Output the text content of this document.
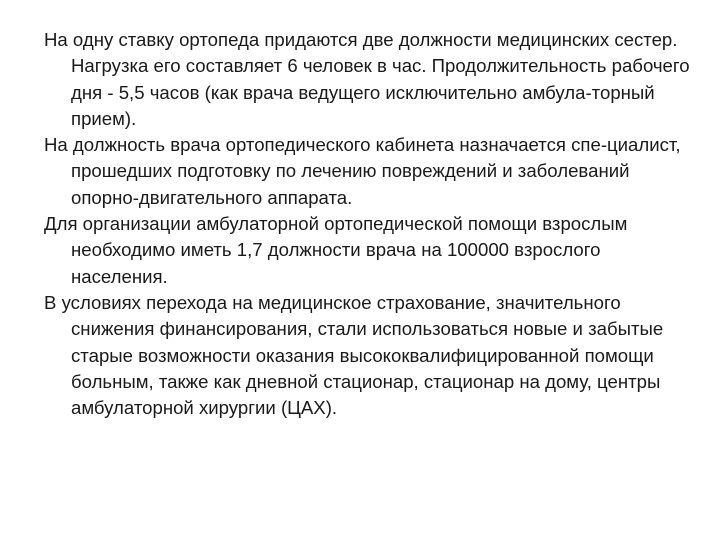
На одну ставку ортопеда придаются две должности медицинских сестер. Нагрузка его составляет 6 человек в час. Продолжительность рабочего дня - 5,5 часов (как врача ведущего исключительно амбула-торный прием).

На должность врача ортопедического кабинета назначается спе-циалист, прошедших подготовку по лечению повреждений и заболеваний опорно-двигательного аппарата.

Для организации амбулаторной ортопедической помощи взрослым необходимо иметь 1,7 должности врача на 100000 взрослого населения.

В условиях перехода на медицинское страхование, значительного снижения финансирования, стали использоваться новые и забытые старые возможности оказания высококвалифицированной помощи больным, также как дневной стационар, стационар на дому, центры амбулаторной хирургии (ЦАХ).
